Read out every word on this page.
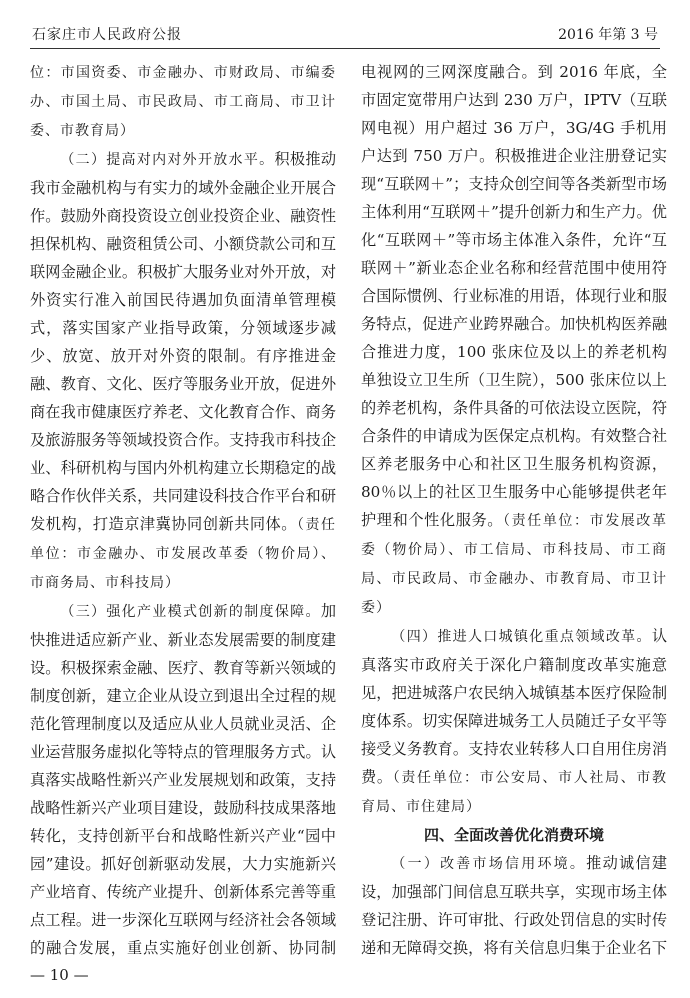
石家庄市人民政府公报	2016 年第 3 号

位：市国资委、市金融办、市财政局、市编委办、市国土局、市民政局、市工商局、市卫计委、市教育局）

（二）提高对内对外开放水平。积极推动我市金融机构与有实力的域外金融企业开展合作。鼓励外商投资设立创业投资企业、融资性担保机构、融资租赁公司、小额贷款公司和互联网金融企业。积极扩大服务业对外开放，对外资实行准入前国民待遇加负面清单管理模式，落实国家产业指导政策，分领域逐步减少、放宽、放开对外资的限制。有序推进金融、教育、文化、医疗等服务业开放，促进外商在我市健康医疗养老、文化教育合作、商务及旅游服务等领域投资合作。支持我市科技企业、科研机构与国内外机构建立长期稳定的战略合作伙伴关系，共同建设科技合作平台和研发机构，打造京津冀协同创新共同体。（责任单位：市金融办、市发展改革委（物价局）、市商务局、市科技局）

（三）强化产业模式创新的制度保障。加快推进适应新产业、新业态发展需要的制度建设。积极探索金融、医疗、教育等新兴领域的制度创新，建立企业从设立到退出全过程的规范化管理制度以及适应从业人员就业灵活、企业运营服务虚拟化等特点的管理服务方式。认真落实战略性新兴产业发展规划和政策，支持战略性新兴产业项目建设，鼓励科技成果落地转化，支持创新平台和战略性新兴产业“园中园”建设。抓好创新驱动发展，大力实施新兴产业培育、传统产业提升、创新体系完善等重点工程。进一步深化互联网与经济社会各领域的融合发展，重点实施好创业创新、协同制

电视网的三网深度融合。到 2016 年底，全市固定宽带用户达到 230 万户，IPTV（互联网电视）用户超过 36 万户，3G/4G 手机用户达到 750 万户。积极推进企业注册登记实现“互联网＋”；支持众创空间等各类新型市场主体利用“互联网＋”提升创新力和生产力。优化“互联网＋”等市场主体准入条件，允许“互联网＋”新业态企业名称和经营范围中使用符合国际惯例、行业标准的用语，体现行业和服务特点，促进产业跨界融合。加快机构医养融合推进力度，100 张床位及以上的养老机构单独设立卫生所（卫生院），500 张床位以上的养老机构，条件具备的可依法设立医院，符合条件的申请成为医保定点机构。有效整合社区养老服务中心和社区卫生服务机构资源，80％以上的社区卫生服务中心能够提供老年护理和个性化服务。（责任单位：市发展改革委（物价局）、市工信局、市科技局、市工商局、市民政局、市金融办、市教育局、市卫计委）

（四）推进人口城镇化重点领域改革。认真落实市政府关于深化户籍制度改革实施意见，把进城落户农民纳入城镇基本医疗保险制度体系。切实保障进城务工人员随迁子女平等接受义务教育。支持农业转移人口自用住房消费。（责任单位：市公安局、市人社局、市教育局、市住建局）

四、全面改善优化消费环境

（一）改善市场信用环境。推动诚信建设，加强部门间信息互联共享，实现市场主体登记注册、许可审批、行政处罚信息的实时传递和无障碍交换，将有关信息归集于企业名下

— 10 —
